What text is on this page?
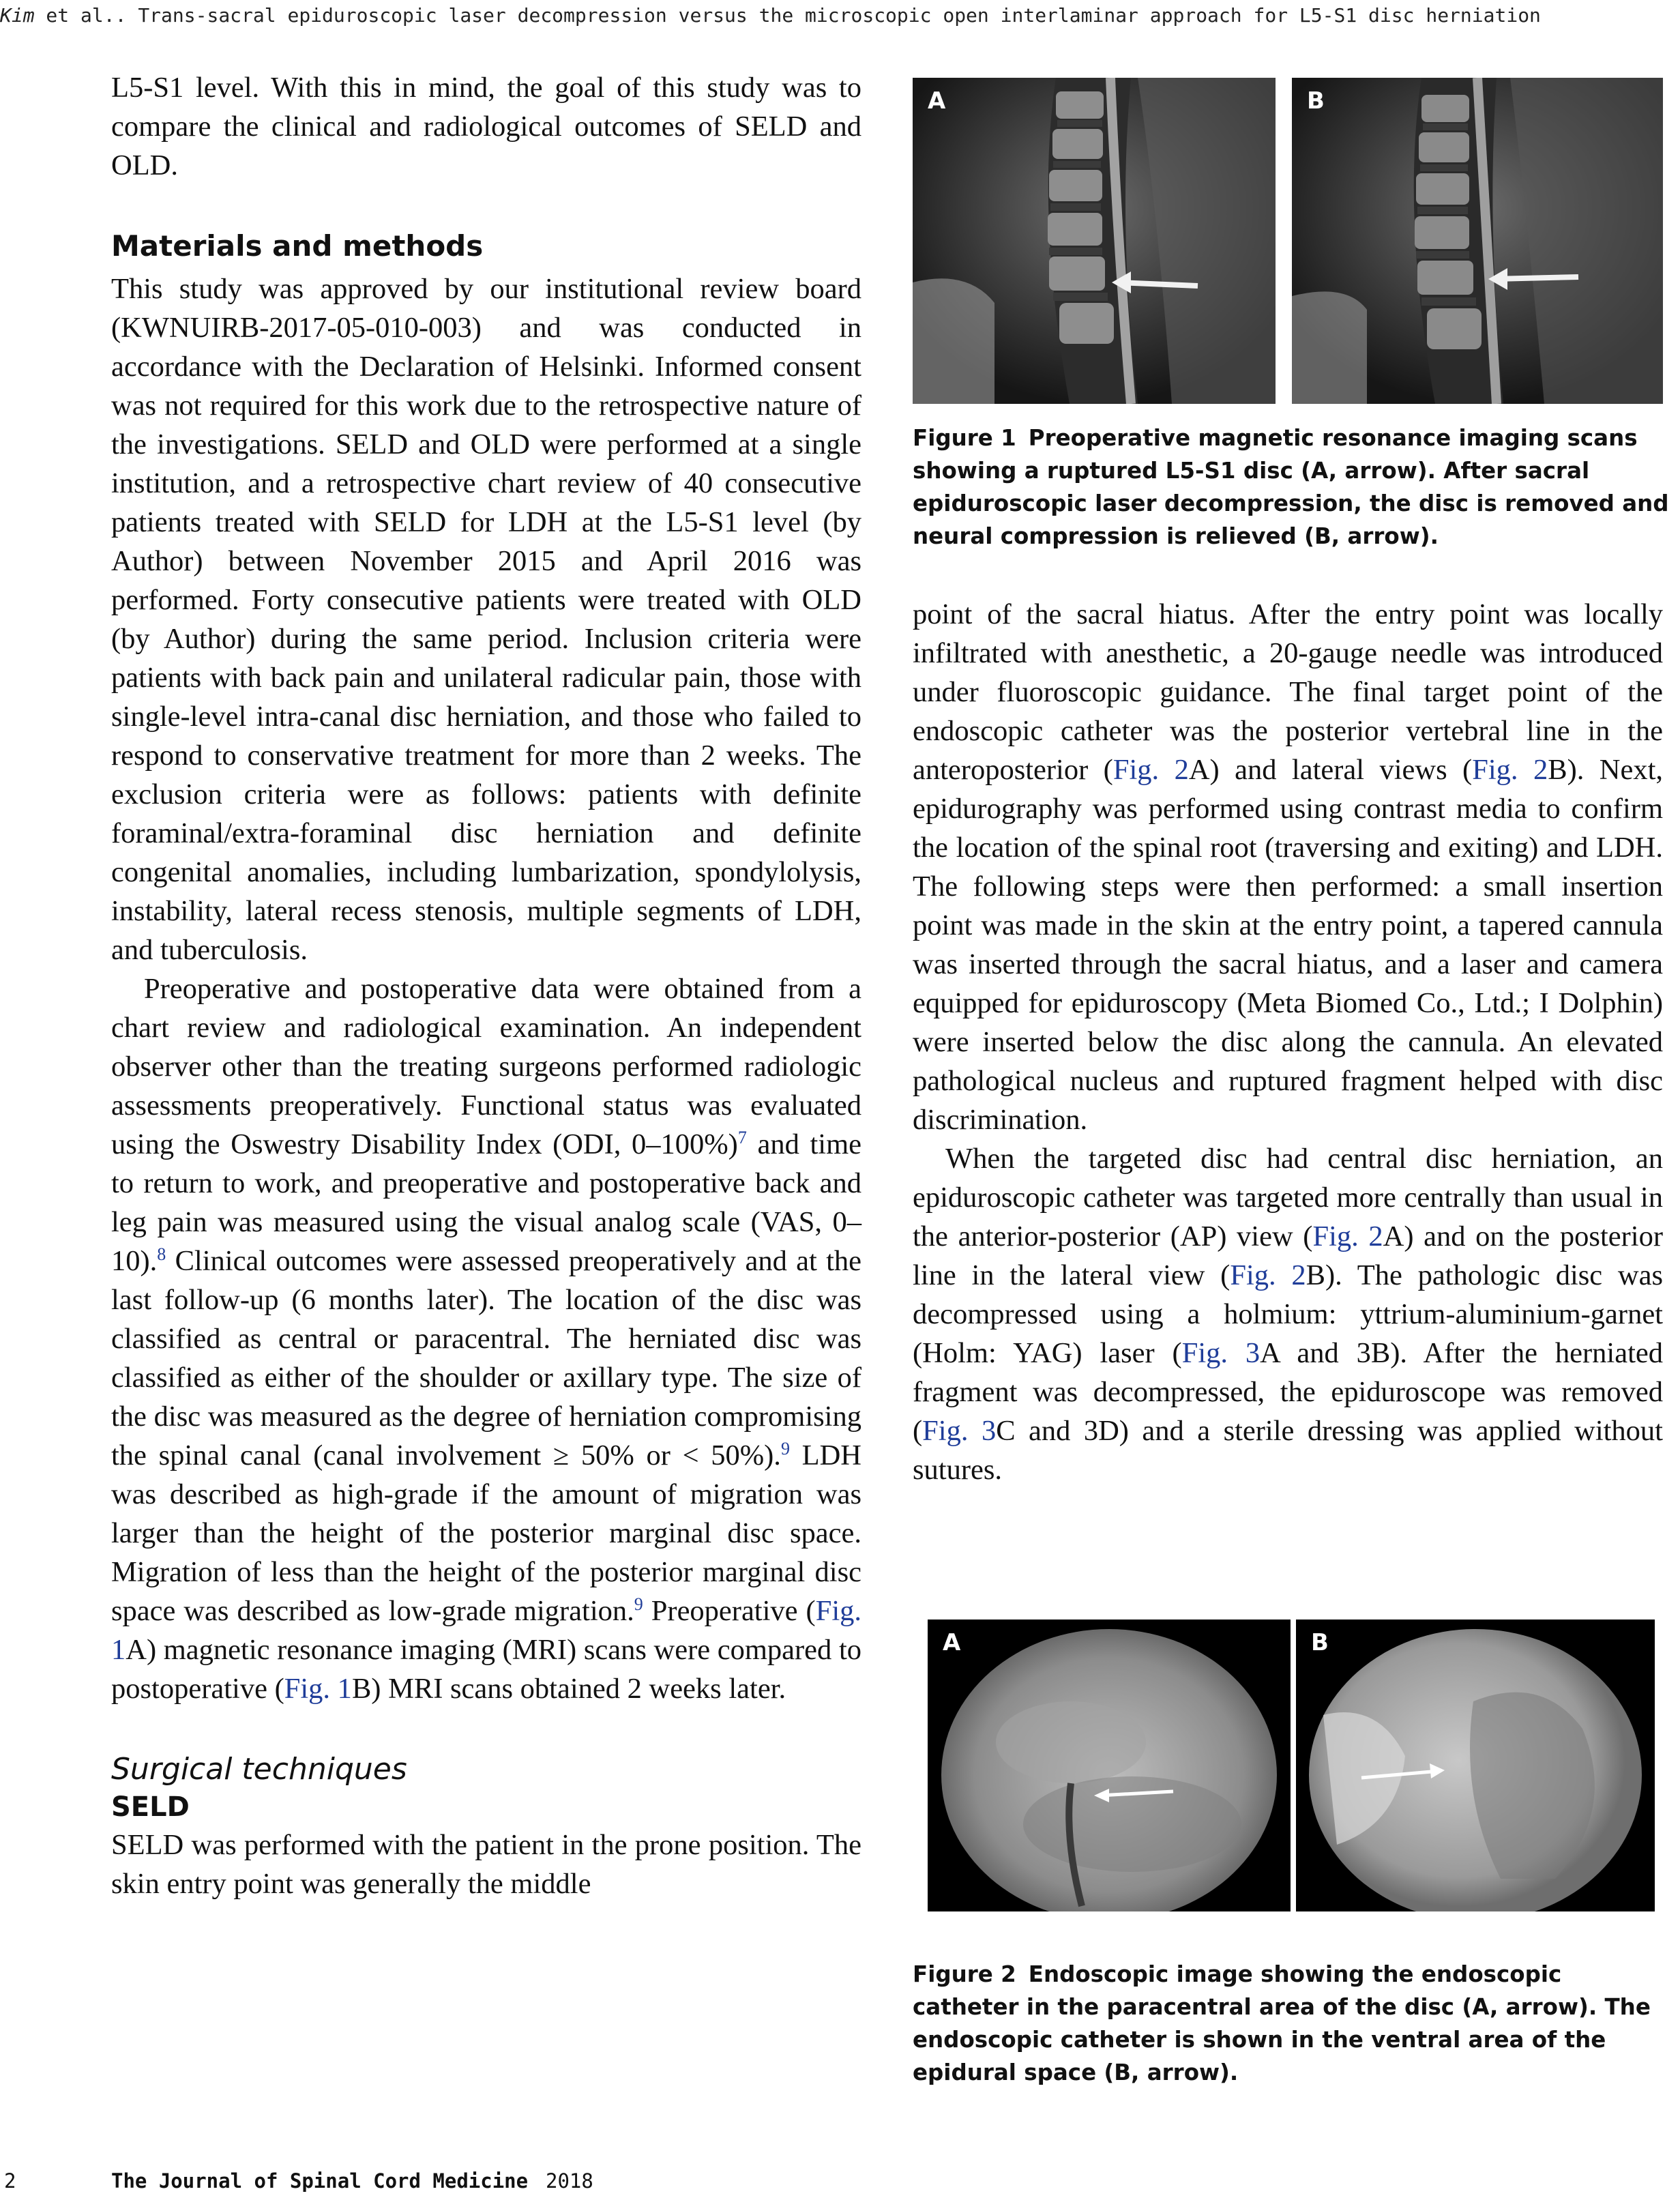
Kim et al.. Trans-sacral epiduroscopic laser decompression versus the microscopic open interlaminar approach for L5-S1 disc herniation

L5-S1 level. With this in mind, the goal of this study was to compare the clinical and radiological outcomes of SELD and OLD.

Materials and methods

This study was approved by our institutional review board (KWNUIRB-2017-05-010-003) and was conducted in accordance with the Declaration of Helsinki. Informed consent was not required for this work due to the retrospective nature of the investigations. SELD and OLD were performed at a single institution, and a retrospective chart review of 40 consecutive patients treated with SELD for LDH at the L5-S1 level (by Author) between November 2015 and April 2016 was performed. Forty consecutive patients were treated with OLD (by Author) during the same period. Inclusion criteria were patients with back pain and unilateral radicular pain, those with single-level intra-canal disc herniation, and those who failed to respond to conservative treatment for more than 2 weeks. The exclusion criteria were as follows: patients with definite foraminal/extra-foraminal disc herniation and definite congenital anomalies, including lumbarization, spondylolysis, instability, lateral recess stenosis, multiple segments of LDH, and tuberculosis.

Preoperative and postoperative data were obtained from a chart review and radiological examination. An independent observer other than the treating surgeons performed radiologic assessments preoperatively. Functional status was evaluated using the Oswestry Disability Index (ODI, 0–100%)$^7$ and time to return to work, and preoperative and postoperative back and leg pain was measured using the visual analog scale (VAS, 0–10).$^8$ Clinical outcomes were assessed preoperatively and at the last follow-up (6 months later). The location of the disc was classified as central or paracentral. The herniated disc was classified as either of the shoulder or axillary type. The size of the disc was measured as the degree of herniation compromising the spinal canal (canal involvement ≥ 50% or < 50%).$^9$ LDH was described as high-grade if the amount of migration was larger than the height of the posterior marginal disc space. Migration of less than the height of the posterior marginal disc space was described as low-grade migration.$^9$ Preoperative (Fig. 1A) magnetic resonance imaging (MRI) scans were compared to postoperative (Fig. 1B) MRI scans obtained 2 weeks later.

Surgical techniques
SELD

SELD was performed with the patient in the prone position. The skin entry point was generally the middle

A	B
Figure 1 Preoperative magnetic resonance imaging scans showing a ruptured L5-S1 disc (A, arrow). After sacral epiduroscopic laser decompression, the disc is removed and neural compression is relieved (B, arrow).

point of the sacral hiatus. After the entry point was locally infiltrated with anesthetic, a 20-gauge needle was introduced under fluoroscopic guidance. The final target point of the endoscopic catheter was the posterior vertebral line in the anteroposterior (Fig. 2A) and lateral views (Fig. 2B). Next, epidurography was performed using contrast media to confirm the location of the spinal root (traversing and exiting) and LDH. The following steps were then performed: a small insertion point was made in the skin at the entry point, a tapered cannula was inserted through the sacral hiatus, and a laser and camera equipped for epiduroscopy (Meta Biomed Co., Ltd.; I Dolphin) were inserted below the disc along the cannula. An elevated pathological nucleus and ruptured fragment helped with disc discrimination.

When the targeted disc had central disc herniation, an epiduroscopic catheter was targeted more centrally than usual in the anterior-posterior (AP) view (Fig. 2A) and on the posterior line in the lateral view (Fig. 2B). The pathologic disc was decompressed using a holmium: yttrium-aluminium-garnet (Holm: YAG) laser (Fig. 3A and 3B). After the herniated fragment was decompressed, the epiduroscope was removed (Fig. 3C and 3D) and a sterile dressing was applied without sutures.

A	B
Figure 2 Endoscopic image showing the endoscopic catheter in the paracentral area of the disc (A, arrow). The endoscopic catheter is shown in the ventral area of the epidural space (B, arrow).
2	The Journal of Spinal Cord Medicine 2018
